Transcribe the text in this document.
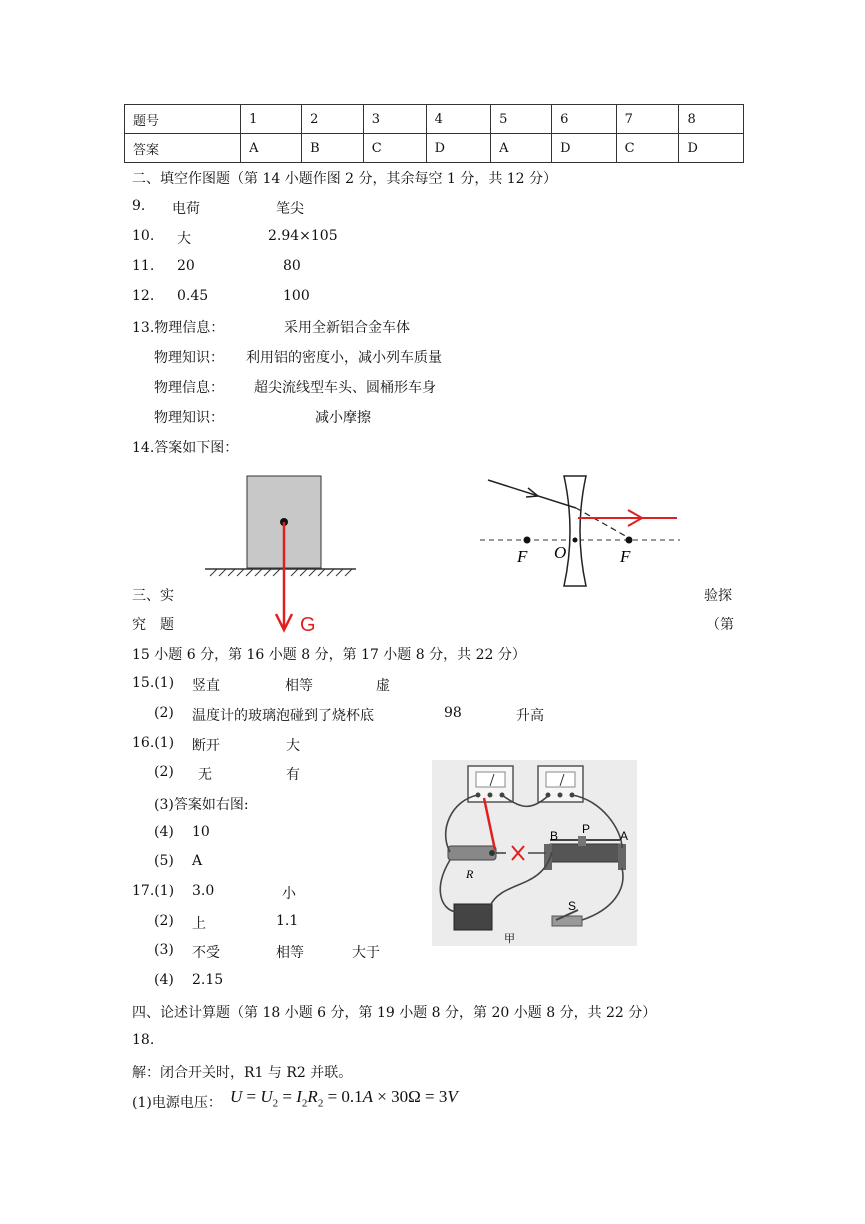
题号	1	2	3	4	5	6	7	8
答案	A	B	C	D	A	D	C	D
二、填空作图题（第 14 小题作图 2 分，其余每空 1 分，共 12 分）
9. 电荷	笔尖
10. 大	2.94×105
11. 20	80
12. 0.45	100
13.物理信息：	采用全新铝合金车体
物理知识： 利用铝的密度小，减小列车质量
物理信息： 超尖流线型车头、圆桶形车身
物理知识：	减小摩擦
14.答案如下图：
G
F O	F
三、实	验探
究　题	（第
15 小题 6 分，第 16 小题 8 分，第 17 小题 8 分，共 22 分）
15.(1) 竖直	相等	虚
(2) 温度计的玻璃泡碰到了烧杯底	98	升高
16.(1) 断开	大
(2) 无	有
(3)答案如右图:
(4) 10
(5) A
B P A
R
S
甲
17.(1) 3.0	小
(2) 上	1.1
(3) 不受	相等	大于
(4) 2.15
四、论述计算题（第 18 小题 6 分，第 19 小题 8 分，第 20 小题 8 分，共 22 分）
18.
解：闭合开关时，R1 与 R2 并联。
(1)电源电压： $U = U_2 = I_2R_2 = 0.1A \times 30\Omega = 3V$
